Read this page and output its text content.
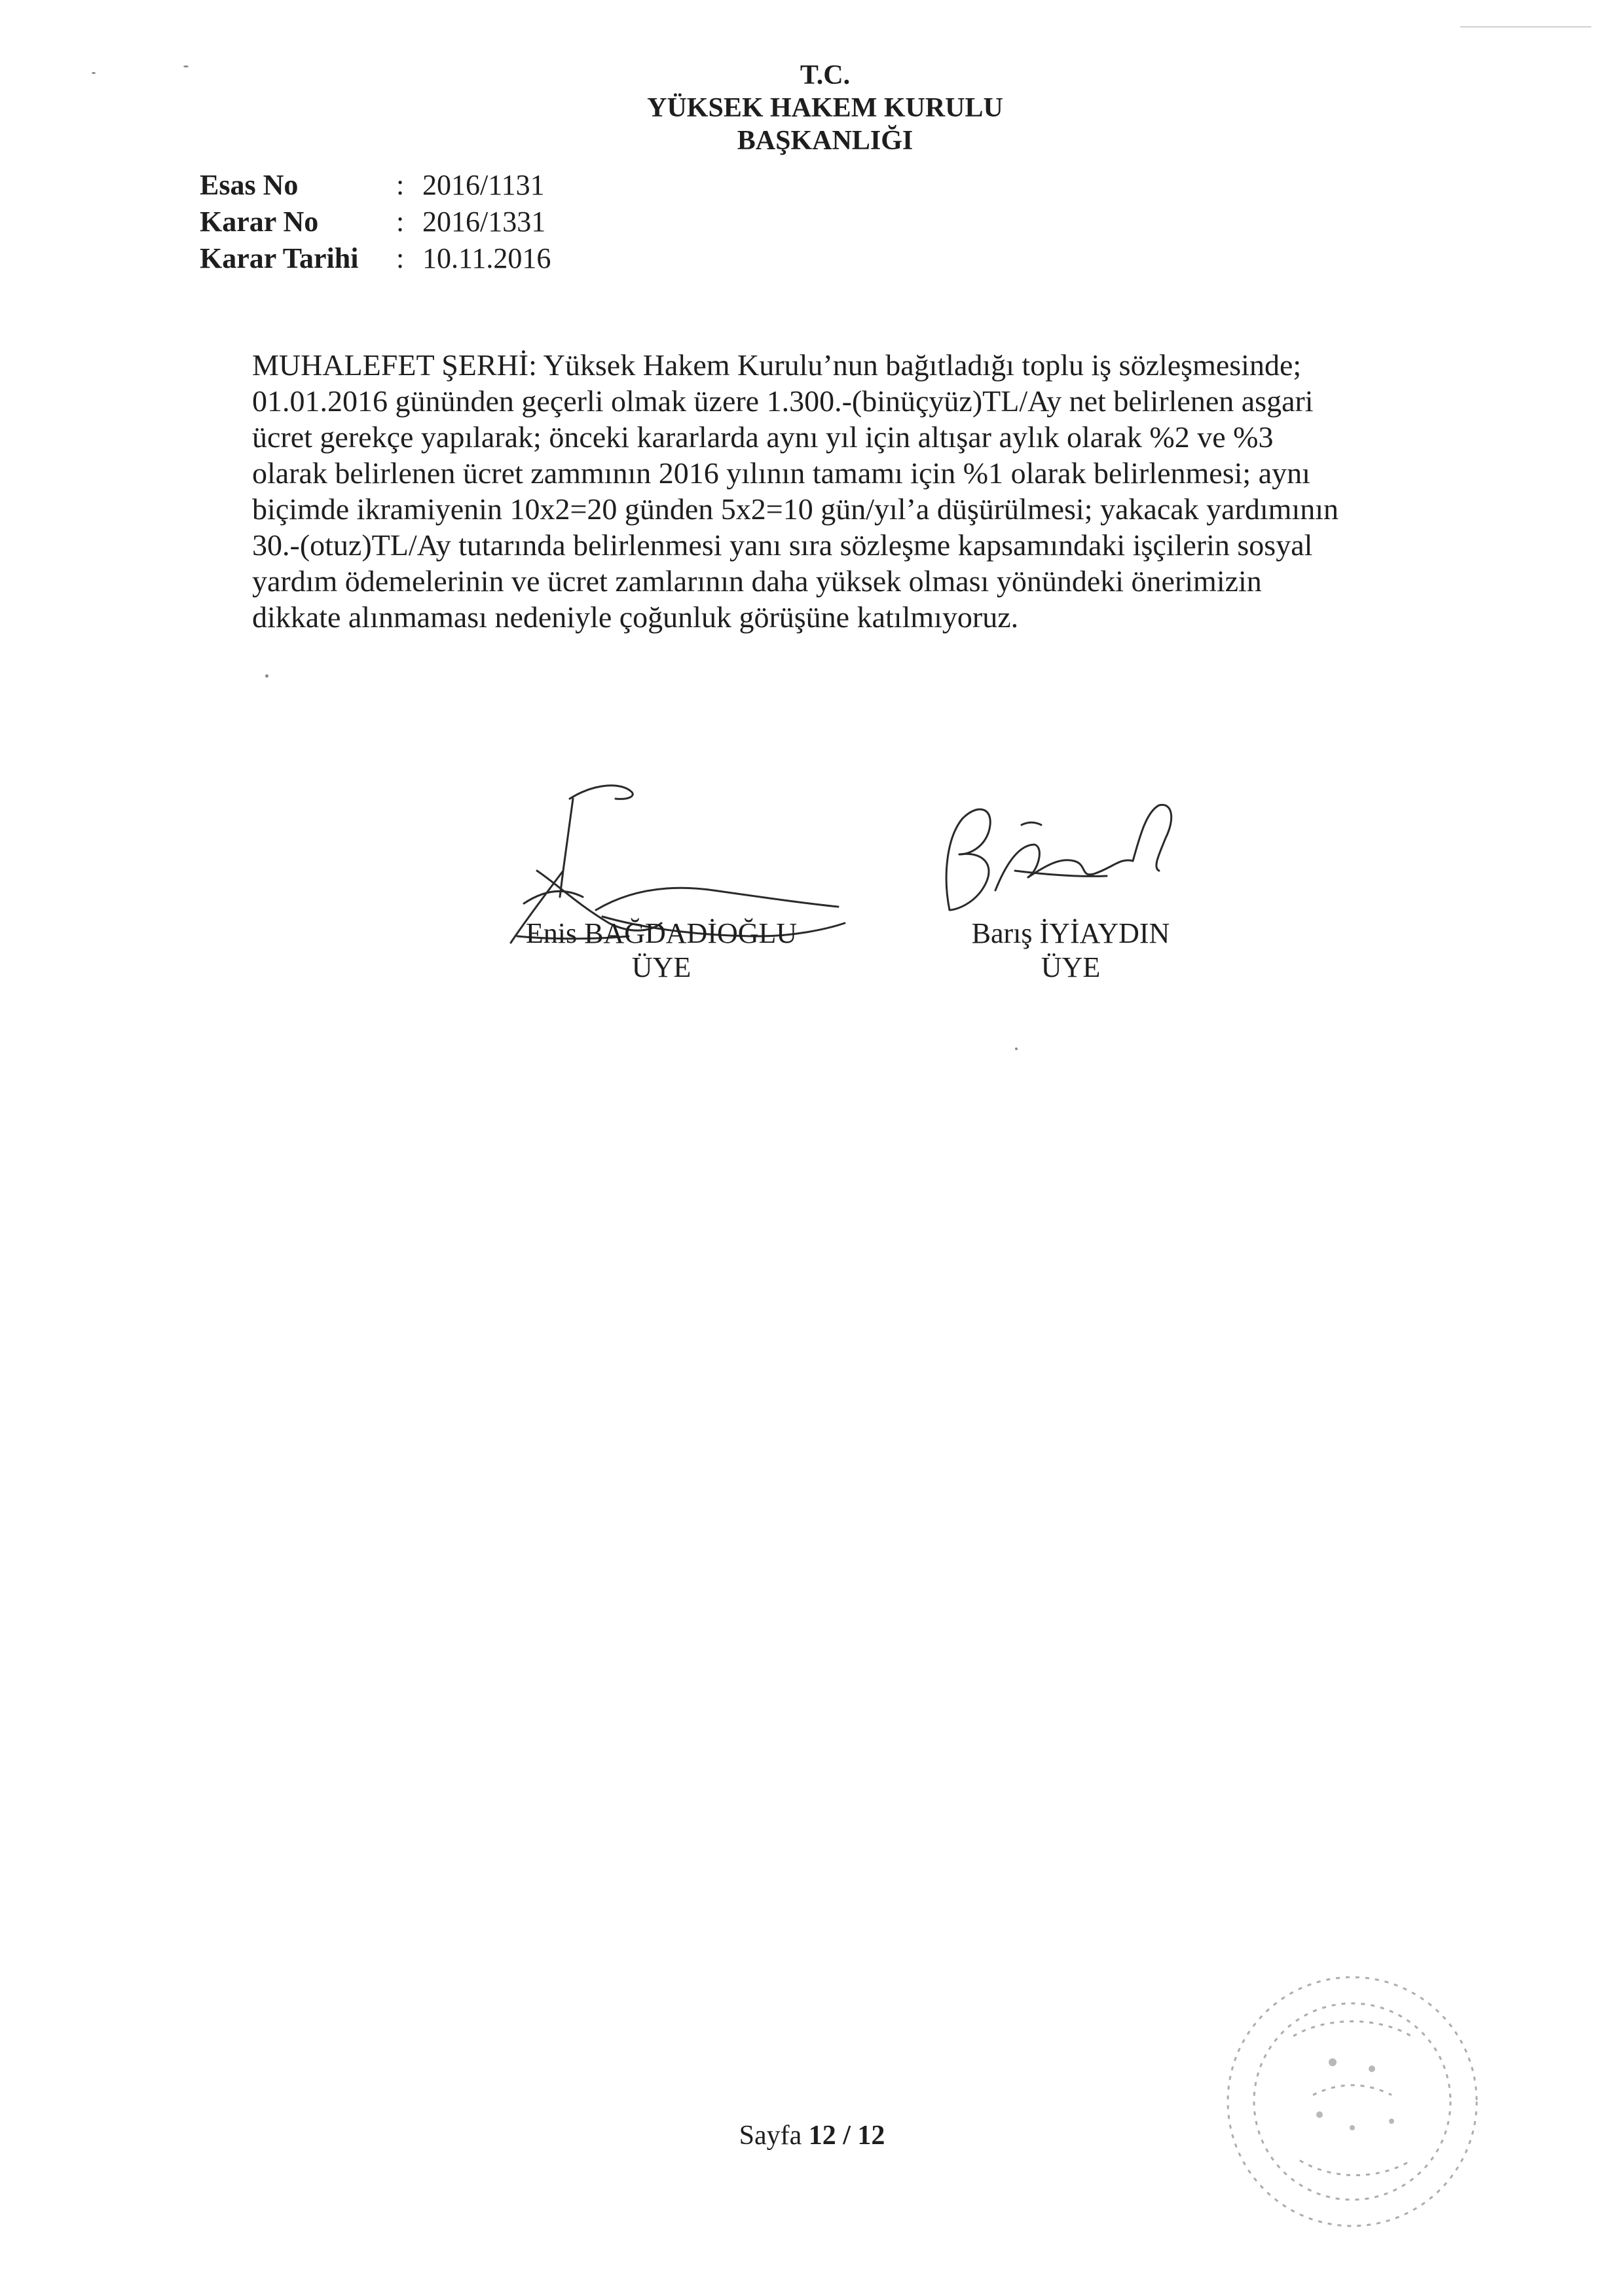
T.C.
YÜKSEK HAKEM KURULU
BAŞKANLIĞI
Esas No	: 2016/1131
Karar No	: 2016/1331
Karar Tarihi	: 10.11.2016
MUHALEFET ŞERHİ: Yüksek Hakem Kurulu’nun bağıtladığı toplu iş sözleşmesinde;
01.01.2016 gününden geçerli olmak üzere 1.300.-(binüçyüz)TL/Ay net belirlenen asgari
ücret gerekçe yapılarak; önceki kararlarda aynı yıl için altışar aylık olarak %2 ve %3
olarak belirlenen ücret zammının 2016 yılının tamamı için %1 olarak belirlenmesi; aynı
biçimde ikramiyenin 10x2=20 günden 5x2=10 gün/yıl’a düşürülmesi; yakacak yardımının
30.-(otuz)TL/Ay tutarında belirlenmesi yanı sıra sözleşme kapsamındaki işçilerin sosyal
yardım ödemelerinin ve ücret zamlarının daha yüksek olması yönündeki önerimizin
dikkate alınmaması nedeniyle çoğunluk görüşüne katılmıyoruz.
Enis BAĞDADİOĞLU
ÜYE
Barış İYİAYDIN
ÜYE
Sayfa 12 / 12
